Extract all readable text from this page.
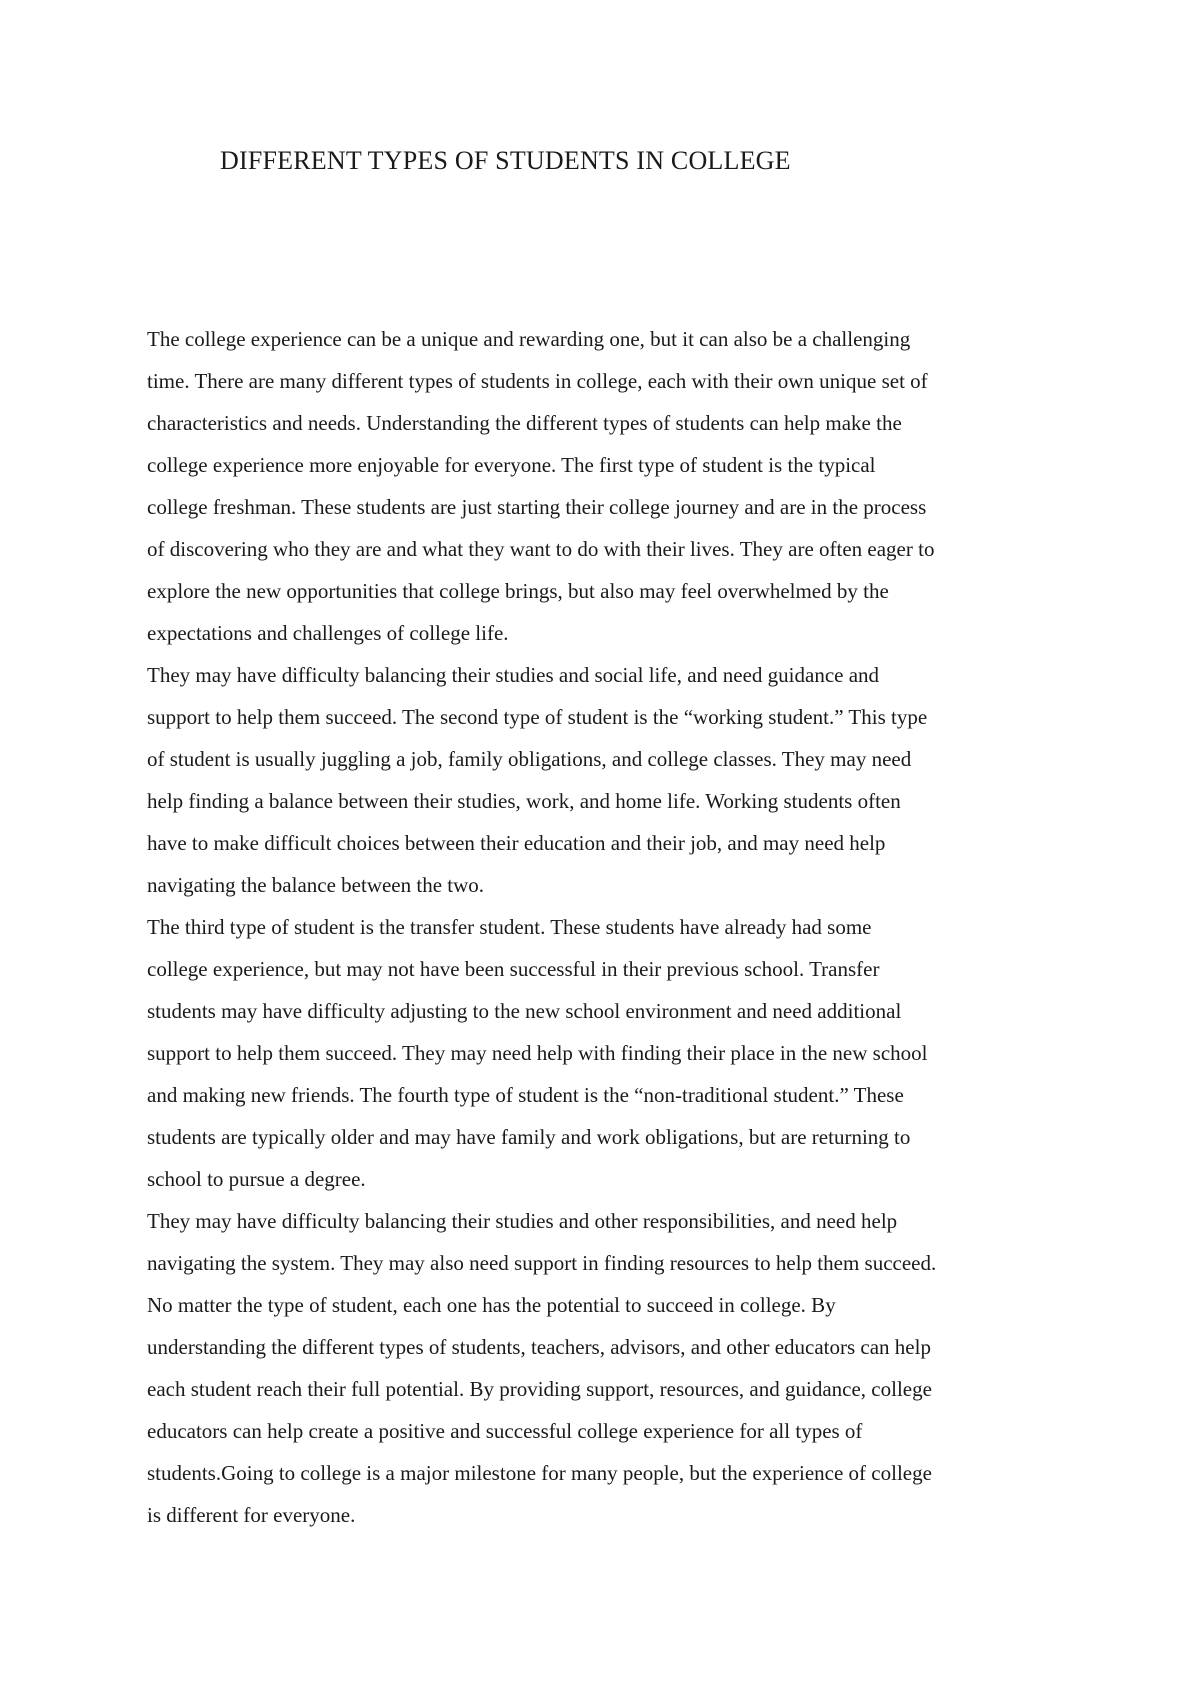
DIFFERENT TYPES OF STUDENTS IN COLLEGE

The college experience can be a unique and rewarding one, but it can also be a challenging
time. There are many different types of students in college, each with their own unique set of
characteristics and needs. Understanding the different types of students can help make the
college experience more enjoyable for everyone. The first type of student is the typical
college freshman. These students are just starting their college journey and are in the process
of discovering who they are and what they want to do with their lives. They are often eager to
explore the new opportunities that college brings, but also may feel overwhelmed by the
expectations and challenges of college life.

They may have difficulty balancing their studies and social life, and need guidance and
support to help them succeed. The second type of student is the “working student.” This type
of student is usually juggling a job, family obligations, and college classes. They may need
help finding a balance between their studies, work, and home life. Working students often
have to make difficult choices between their education and their job, and may need help
navigating the balance between the two.

The third type of student is the transfer student. These students have already had some
college experience, but may not have been successful in their previous school. Transfer
students may have difficulty adjusting to the new school environment and need additional
support to help them succeed. They may need help with finding their place in the new school
and making new friends. The fourth type of student is the “non-traditional student.” These
students are typically older and may have family and work obligations, but are returning to
school to pursue a degree.

They may have difficulty balancing their studies and other responsibilities, and need help
navigating the system. They may also need support in finding resources to help them succeed.
No matter the type of student, each one has the potential to succeed in college. By
understanding the different types of students, teachers, advisors, and other educators can help
each student reach their full potential. By providing support, resources, and guidance, college
educators can help create a positive and successful college experience for all types of
students.Going to college is a major milestone for many people, but the experience of college
is different for everyone.
